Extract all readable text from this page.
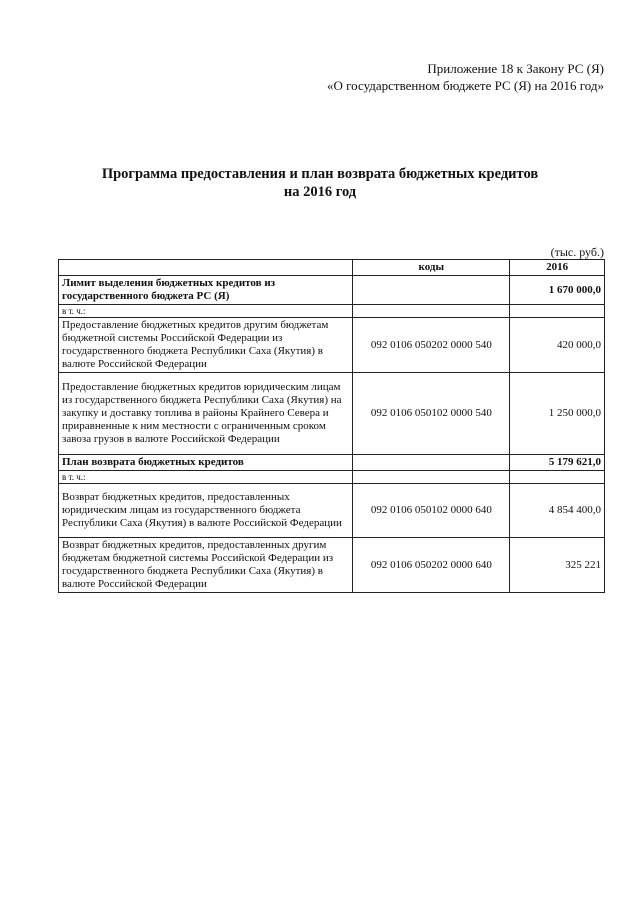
Приложение 18 к Закону РС (Я)
«О государственном бюджете РС (Я) на 2016 год»
Программа предоставления и план возврата бюджетных кредитов
на 2016 год
(тыс. руб.)
	коды	2016
Лимит выделения бюджетных кредитов из государственного бюджета РС (Я)		1 670 000,0
в т. ч.:		
Предоставление бюджетных кредитов другим бюджетам бюджетной системы Российской Федерации из государственного бюджета Республики Саха (Якутия) в валюте Российской Федерации	092 0106 050202 0000 540	420 000,0
Предоставление бюджетных кредитов юридическим лицам из государственного бюджета Республики Саха (Якутия) на закупку и доставку топлива в районы Крайнего Севера и приравненные к ним местности с ограниченным сроком завоза грузов в валюте Российской Федерации	092 0106 050102 0000 540	1 250 000,0
План возврата бюджетных кредитов		5 179 621,0
в т. ч.:		
Возврат бюджетных кредитов, предоставленных юридическим лицам из государственного бюджета Республики Саха (Якутия) в валюте Российской Федерации	092 0106 050102 0000 640	4 854 400,0
Возврат бюджетных кредитов, предоставленных другим бюджетам бюджетной системы Российской Федерации из государственного бюджета Республики Саха (Якутия) в валюте Российской Федерации	092 0106 050202 0000 640	325 221
